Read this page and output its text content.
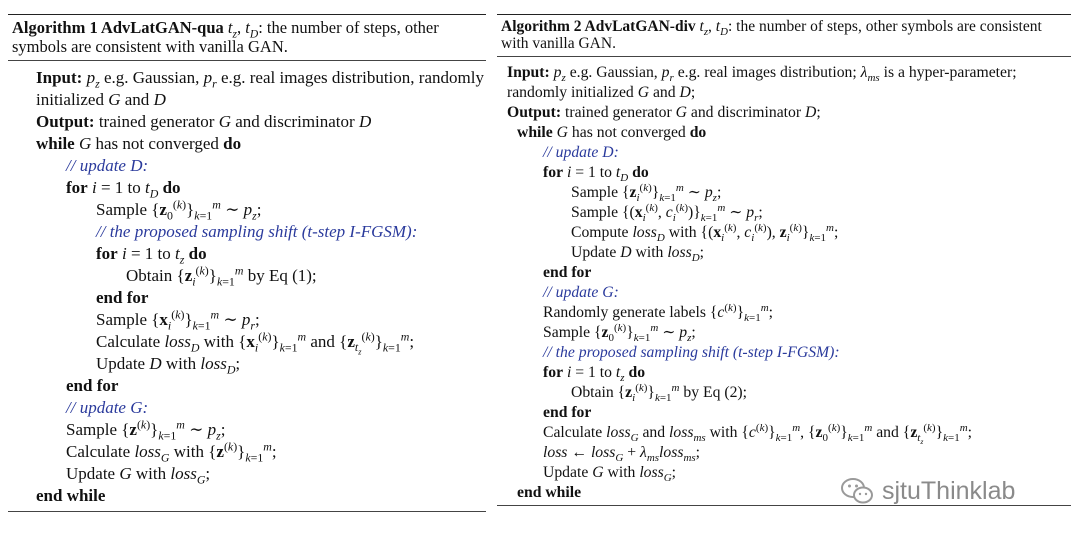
Algorithm 1 AdvLatGAN-qua $t_z$, $t_D$: the number of steps, other symbols are consistent with vanilla GAN.
Input: $p_z$ e.g. Gaussian, $p_r$ e.g. real images distribution, randomly initialized G and D
Output: trained generator G and discriminator D
while G has not converged do
// update D:
for i = 1 to $t_D$ do
Sample $\{z_0^{(k)}\}_{k=1}^m$ ∼ $p_z$;
// the proposed sampling shift (t-step I-FGSM):
for i = 1 to $t_z$ do
Obtain $\{z_i^{(k)}\}_{k=1}^m$ by Eq (1);
end for
Sample $\{x_i^{(k)}\}_{k=1}^m$ ∼ $p_r$;
Calculate loss$_D$ with $\{x_i^{(k)}\}_{k=1}^m$ and $\{z_{t_z}^{(k)}\}_{k=1}^m$;
Update D with loss$_D$;
end for
// update G:
Sample $\{z^{(k)}\}_{k=1}^m$ ∼ $p_z$;
Calculate loss$_G$ with $\{z^{(k)}\}_{k=1}^m$;
Update G with loss$_G$;
end while
Algorithm 2 AdvLatGAN-div $t_z$, $t_D$: the number of steps, other symbols are consistent with vanilla GAN.
Input: $p_z$ e.g. Gaussian, $p_r$ e.g. real images distribution; $\lambda_{ms}$ is a hyper-parameter; randomly initialized G and D;
Output: trained generator G and discriminator D;
while G has not converged do
// update D:
for i = 1 to $t_D$ do
Sample $\{z_i^{(k)}\}_{k=1}^m$ ∼ $p_z$;
Sample {($x_i^{(k)}$, $c_i^{(k)})\}_{k=1}^m$ ∼ $p_r$;
Compute loss$_D$ with {($x_i^{(k)}$, $c_i^{(k)}$), $z_i^{(k)}\}_{k=1}^m$;
Update D with loss$_D$;
end for
// update G:
Randomly generate labels $\{c^{(k)}\}_{k=1}^m$;
Sample $\{z_0^{(k)}\}_{k=1}^m$ ∼ $p_z$;
// the proposed sampling shift (t-step I-FGSM):
for i = 1 to $t_z$ do
Obtain $\{z_i^{(k)}\}_{k=1}^m$ by Eq (2);
end for
Calculate loss$_G$ and loss$_{ms}$ with $\{c^{(k)}\}_{k=1}^m$, $\{z_0^{(k)}\}_{k=1}^m$ and $\{z_{t_z}^{(k)}\}_{k=1}^m$;
loss ← loss$_G$ + $\lambda_{ms}loss_{ms}$;
Update G with loss$_G$;
end while	sjtuThinklab
